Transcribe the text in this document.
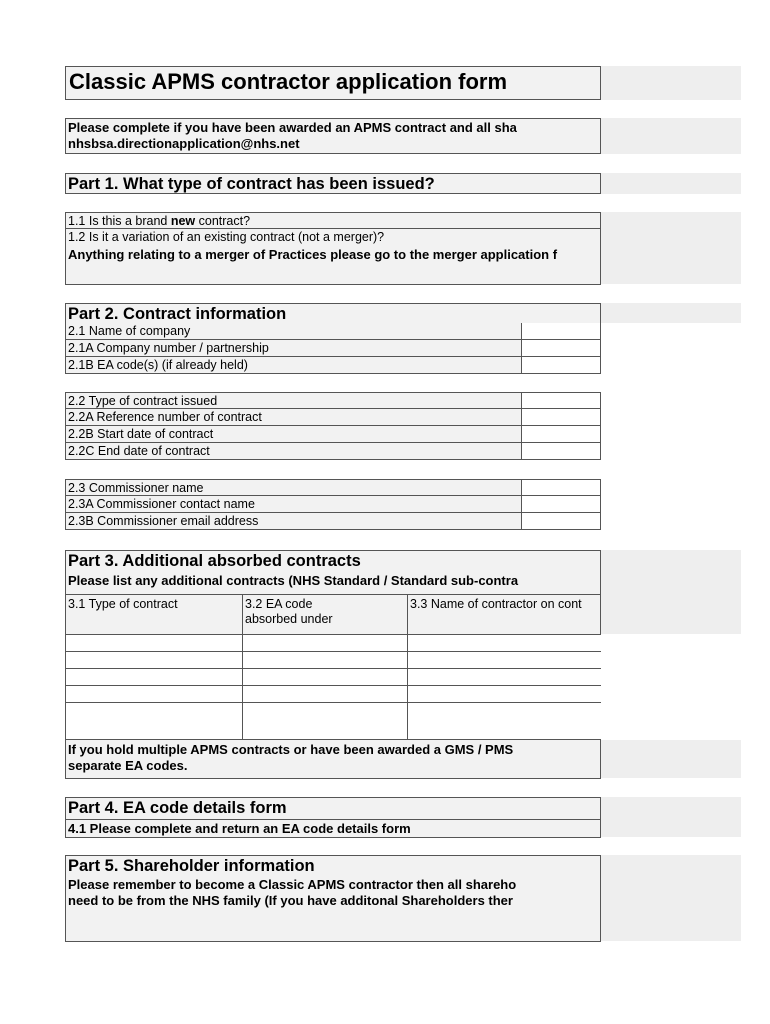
Classic APMS contractor application form
Please complete if you have been awarded an APMS contract and all sha
nhsbsa.directionapplication@nhs.net
Part 1. What type of contract has been issued?
1.1 Is this a brand new contract?
1.2 Is it a variation of an existing contract (not a merger)?
Anything relating to a merger of Practices please go to the merger application f
Part 2. Contract information
2.1 Name of company
2.1A Company number / partnership
2.1B EA code(s) (if already held)
2.2 Type of contract issued
2.2A Reference number of contract
2.2B Start date of contract
2.2C End date of contract
2.3 Commissioner name
2.3A Commissioner contact name
2.3B Commissioner email address
Part 3. Additional absorbed contracts
Please list any additional contracts (NHS Standard / Standard sub-contra
3.1 Type of contract	3.2 EA code
absorbed under
3.3 Name of contractor on cont
If you hold multiple APMS contracts or have been awarded a GMS / PMS
separate EA codes.
Part 4. EA code details form
4.1 Please complete and return an EA code details form
Part 5. Shareholder information
Please remember to become a Classic APMS contractor then all shareho
need to be from the NHS family (If you have additonal Shareholders ther
